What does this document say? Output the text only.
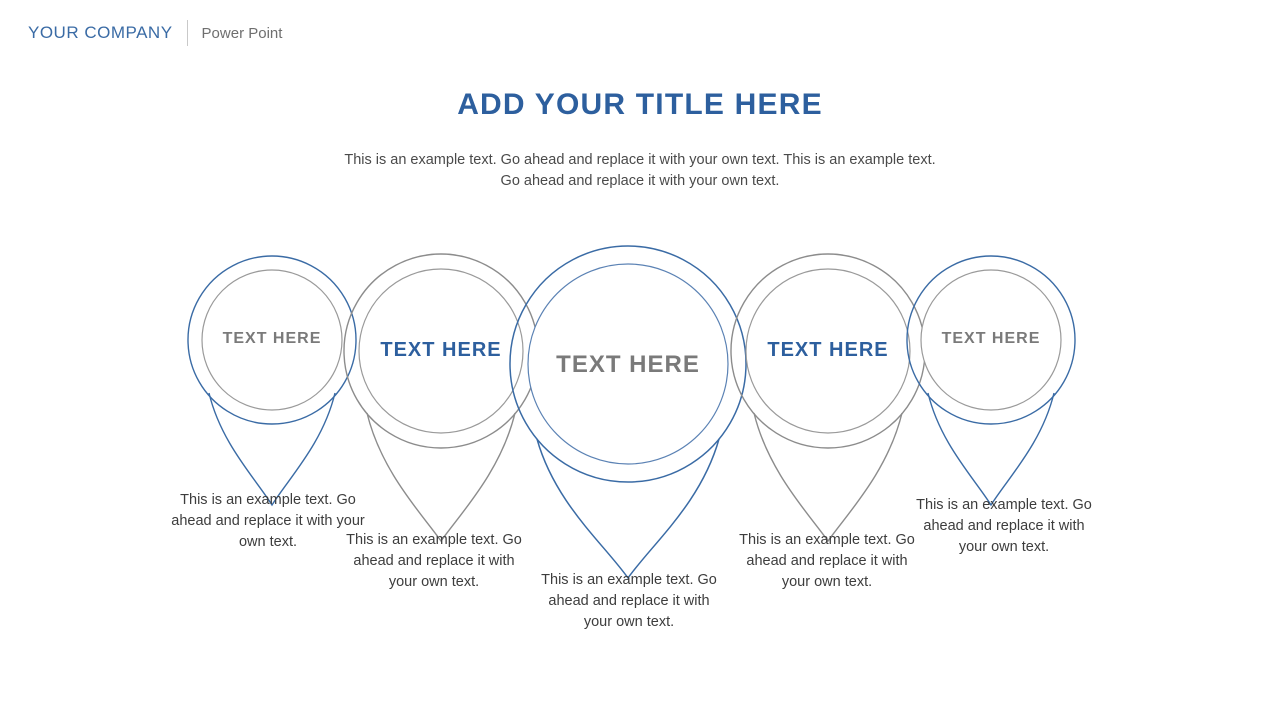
YOUR COMPANY Power Point
ADD YOUR TITLE HERE
This is an example text. Go ahead and replace it with your own text. This is an example text. Go ahead and replace it with your own text.
TEXT HERE
TEXT HERE
TEXT HERE
TEXT HERE
TEXT HERE
This is an example text. Go ahead and replace it with your own text.	This is an example text. Go ahead and replace it with your own text.	This is an example text. Go ahead and replace it with your own text.
This is an example text. Go ahead and replace it with your own text.
This is an example text. Go ahead and replace it with your own text.
